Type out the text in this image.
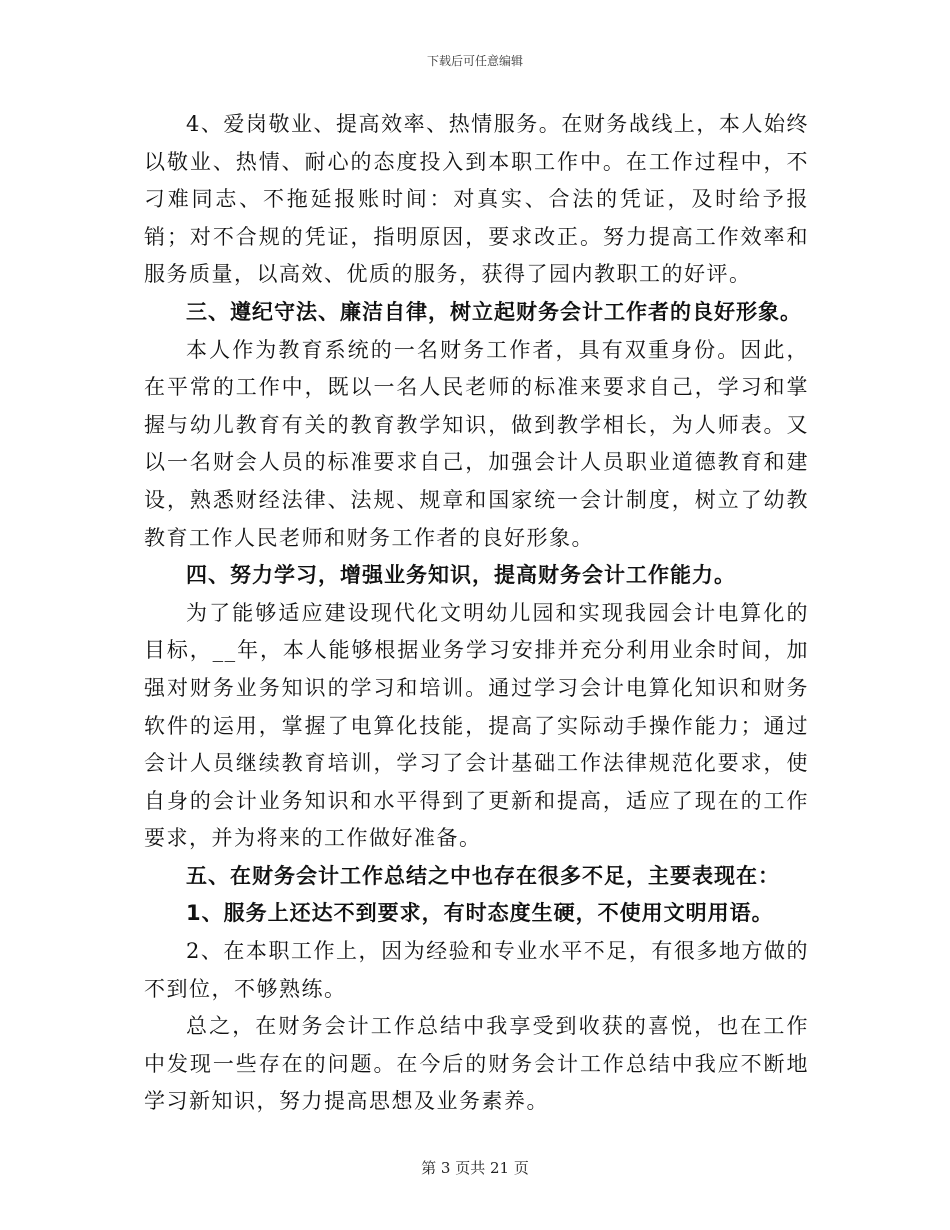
下载后可任意编辑

4、爱岗敬业、提高效率、热情服务。在财务战线上，本人始终以敬业、热情、耐心的态度投入到本职工作中。在工作过程中，不刁难同志、不拖延报账时间：对真实、合法的凭证，及时给予报销；对不合规的凭证，指明原因，要求改正。努力提高工作效率和服务质量，以高效、优质的服务，获得了园内教职工的好评。

三、遵纪守法、廉洁自律，树立起财务会计工作者的良好形象。

本人作为教育系统的一名财务工作者，具有双重身份。因此，在平常的工作中，既以一名人民老师的标准来要求自己，学习和掌握与幼儿教育有关的教育教学知识，做到教学相长，为人师表。又以一名财会人员的标准要求自己，加强会计人员职业道德教育和建设，熟悉财经法律、法规、规章和国家统一会计制度，树立了幼教教育工作人民老师和财务工作者的良好形象。

四、努力学习，增强业务知识，提高财务会计工作能力。

为了能够适应建设现代化文明幼儿园和实现我园会计电算化的目标，__年，本人能够根据业务学习安排并充分利用业余时间，加强对财务业务知识的学习和培训。通过学习会计电算化知识和财务软件的运用，掌握了电算化技能，提高了实际动手操作能力；通过会计人员继续教育培训，学习了会计基础工作法律规范化要求，使自身的会计业务知识和水平得到了更新和提高，适应了现在的工作要求，并为将来的工作做好准备。

五、在财务会计工作总结之中也存在很多不足，主要表现在：

1、服务上还达不到要求，有时态度生硬，不使用文明用语。

2、在本职工作上，因为经验和专业水平不足，有很多地方做的不到位，不够熟练。

总之，在财务会计工作总结中我享受到收获的喜悦，也在工作中发现一些存在的问题。在今后的财务会计工作总结中我应不断地学习新知识，努力提高思想及业务素养。

第 3 页共 21 页
